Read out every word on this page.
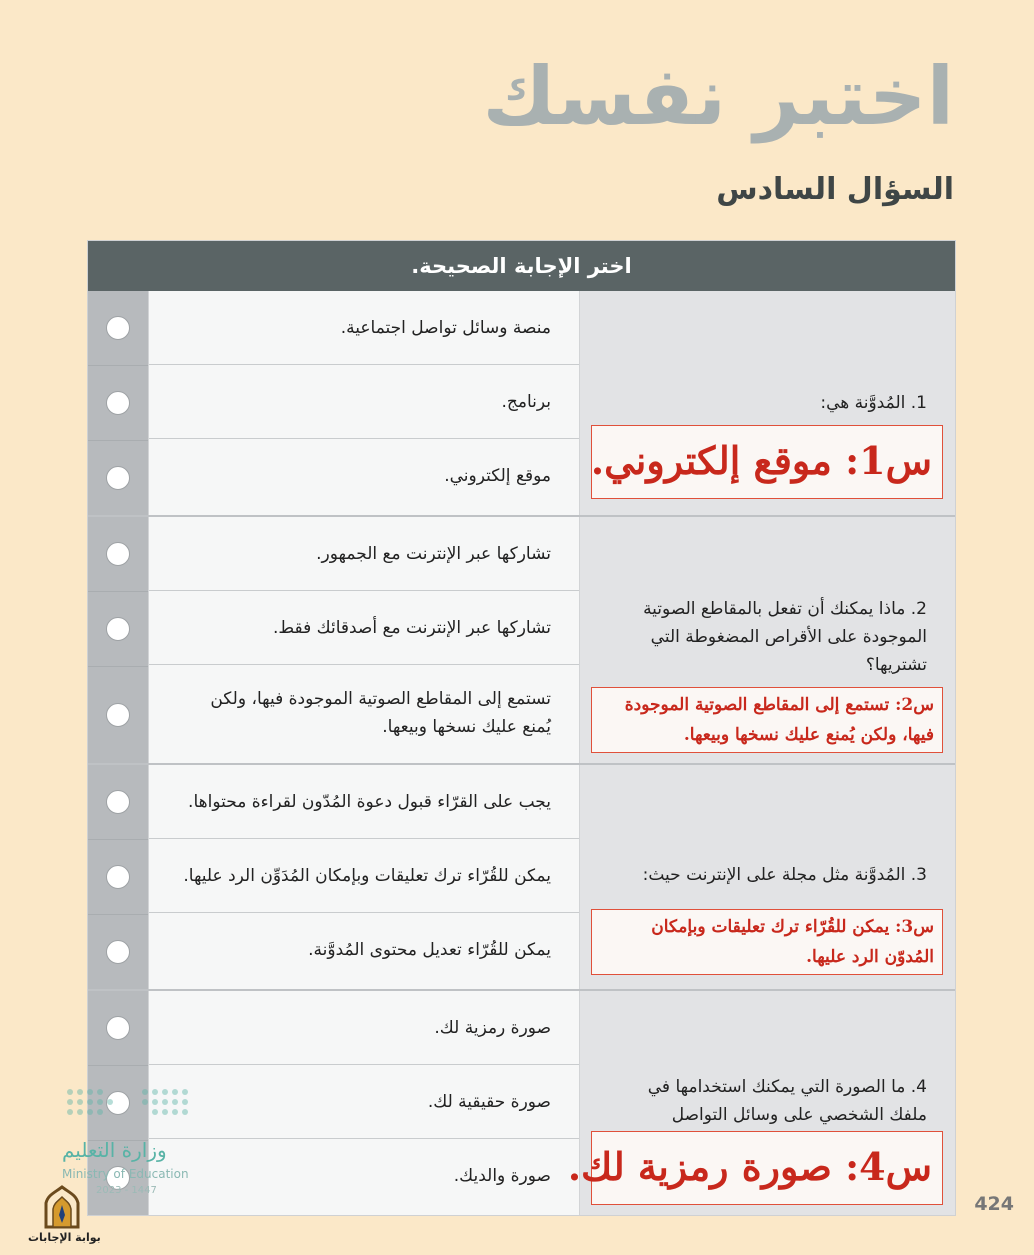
اختبر نفسك
السؤال السادس
اختر الإجابة الصحيحة.
منصة وسائل تواصل اجتماعية.
برنامج.
موقع إلكتروني.
1. المُدوَّنة هي:
س1: موقع إلكتروني.
تشاركها عبر الإنترنت مع الجمهور.
تشاركها عبر الإنترنت مع أصدقائك فقط.
تستمع إلى المقاطع الصوتية الموجودة فيها، ولكن يُمنع عليك نسخها وبيعها.
2. ماذا يمكنك أن تفعل بالمقاطع الصوتية الموجودة على الأقراص المضغوطة التي تشتريها؟
س2: تستمع إلى المقاطع الصوتية الموجودة فيها، ولكن يُمنع عليك نسخها وبيعها.
يجب على القرّاء قبول دعوة المُدّون لقراءة محتواها.
يمكن للقُرّاء ترك تعليقات وبإمكان المُدَوِّن الرد عليها.
يمكن للقُرّاء تعديل محتوى المُدوَّنة.
3. المُدوَّنة مثل مجلة على الإنترنت حيث:
س3: يمكن للقُرّاء ترك تعليقات وبإمكان المُدوّن الرد عليها.
صورة رمزية لك.
صورة حقيقية لك.
صورة والديك.
4. ما الصورة التي يمكنك استخدامها في ملفك الشخصي على وسائل التواصل
س4: صورة رمزية لك.
424
وزارة التعليم
Ministry of Education
2023 - 1447
بوابة الإجابات
